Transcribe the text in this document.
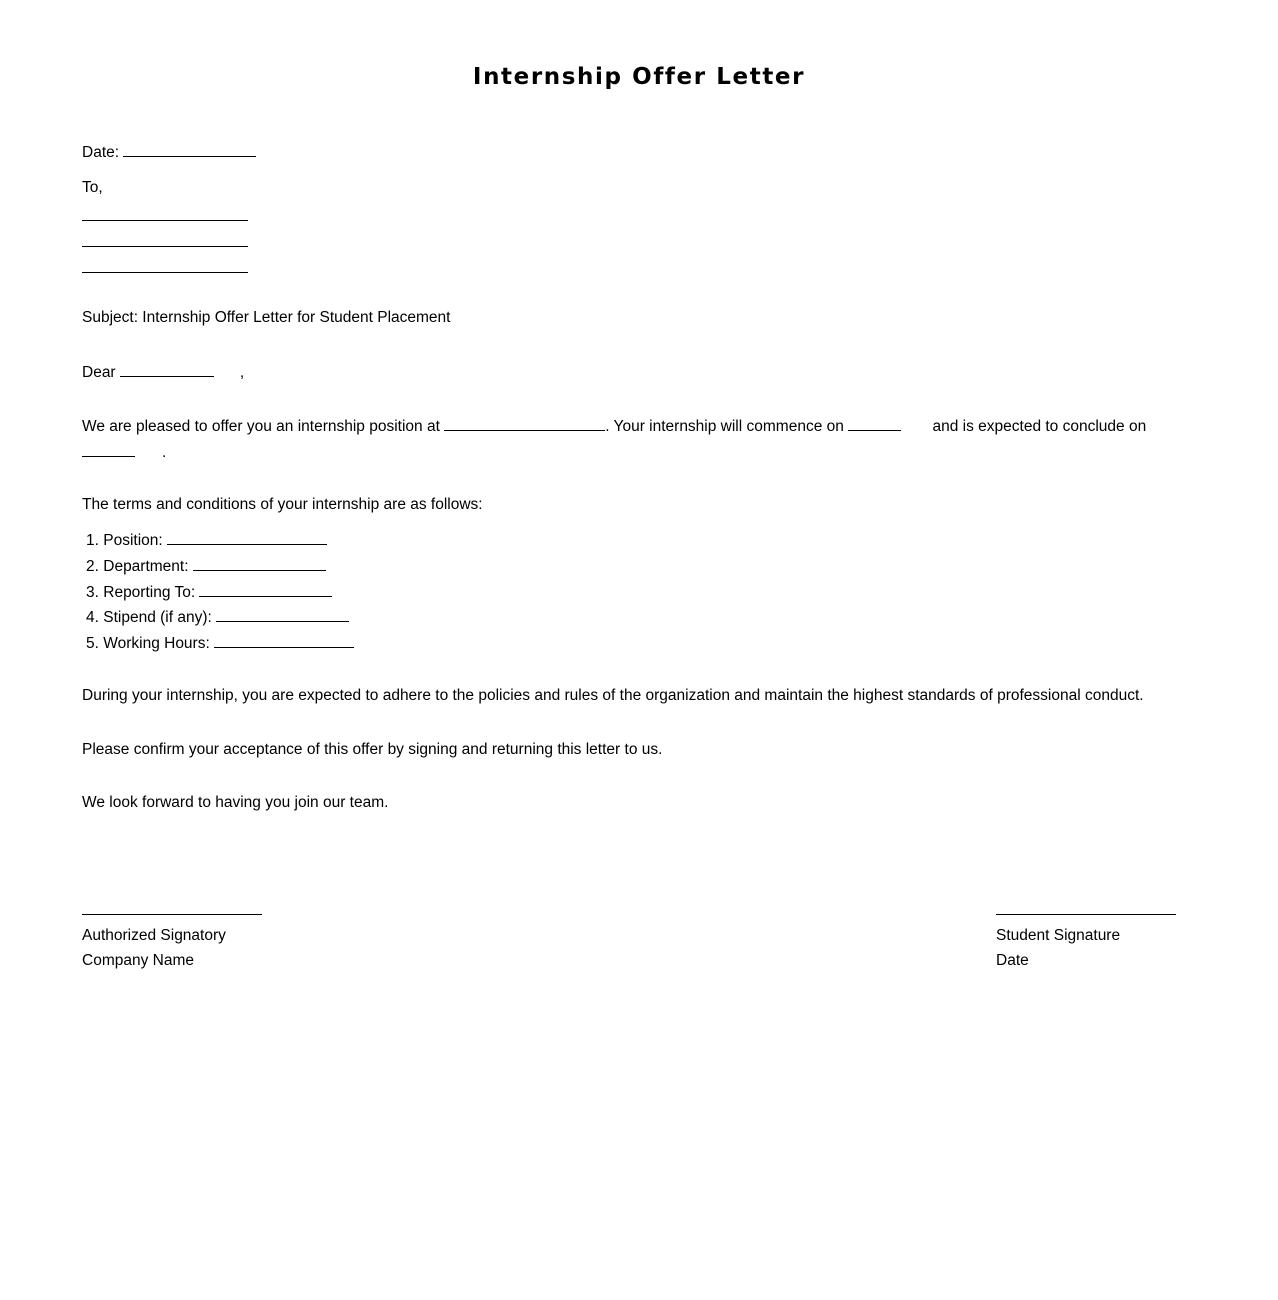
Internship Offer Letter
Date:
To,
Subject: Internship Offer Letter for Student Placement
Dear	,
We are pleased to offer you an internship position at	. Your internship will commence on	and is expected to conclude on
.
The terms and conditions of your internship are as follows:
1. Position:
2. Department:
3. Reporting To:
4. Stipend (if any):
5. Working Hours:
During your internship, you are expected to adhere to the policies and rules of the organization and maintain the highest standards of professional conduct.
Please confirm your acceptance of this offer by signing and returning this letter to us.
We look forward to having you join our team.
Authorized Signatory
Company Name
Student Signature
Date
